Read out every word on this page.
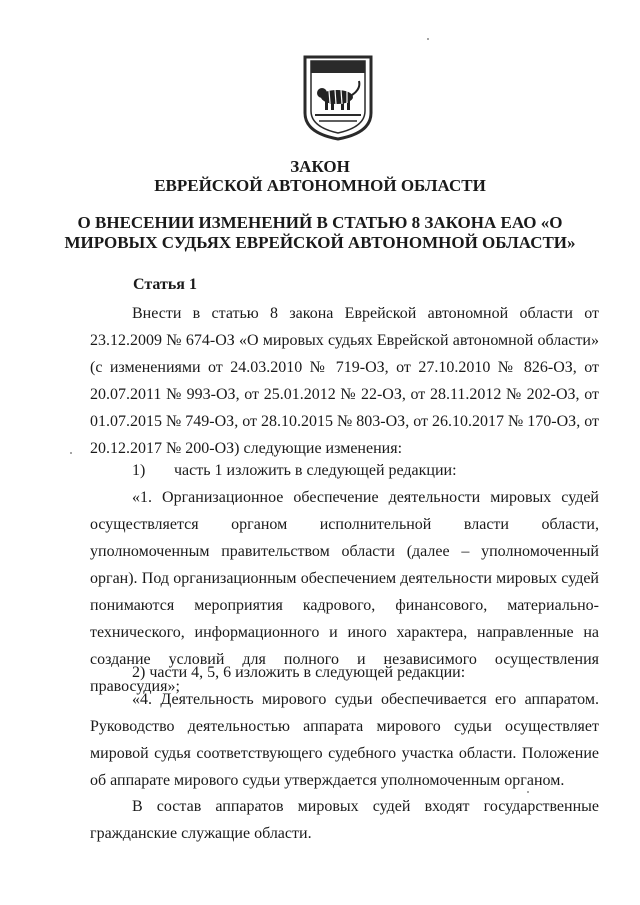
ЗАКОН
ЕВРЕЙСКОЙ АВТОНОМНОЙ ОБЛАСТИ
О ВНЕСЕНИИ ИЗМЕНЕНИЙ В СТАТЬЮ 8 ЗАКОНА ЕАО «О МИРОВЫХ СУДЬЯХ ЕВРЕЙСКОЙ АВТОНОМНОЙ ОБЛАСТИ»
Статья 1

Внести в статью 8 закона Еврейской автономной области от 23.12.2009 № 674-ОЗ «О мировых судьях Еврейской автономной области» (с изменениями от 24.03.2010 № 719-ОЗ, от 27.10.2010 № 826-ОЗ, от 20.07.2011 № 993-ОЗ, от 25.01.2012 № 22-ОЗ, от 28.11.2012 № 202-ОЗ, от 01.07.2015 № 749-ОЗ, от 28.10.2015 № 803-ОЗ, от 26.10.2017 № 170-ОЗ, от 20.12.2017 № 200-ОЗ) следующие изменения:

1) часть 1 изложить в следующей редакции:

«1. Организационное обеспечение деятельности мировых судей осуществляется органом исполнительной власти области, уполномоченным правительством области (далее – уполномоченный орган). Под организационным обеспечением деятельности мировых судей понимаются мероприятия кадрового, финансового, материально-технического, информационного и иного характера, направленные на создание условий для полного и независимого осуществления правосудия»;

2) части 4, 5, 6 изложить в следующей редакции:

«4. Деятельность мирового судьи обеспечивается его аппаратом. Руководство деятельностью аппарата мирового судьи осуществляет мировой судья соответствующего судебного участка области. Положение об аппарате мирового судьи утверждается уполномоченным органом.

В состав аппаратов мировых судей входят государственные гражданские служащие области.
